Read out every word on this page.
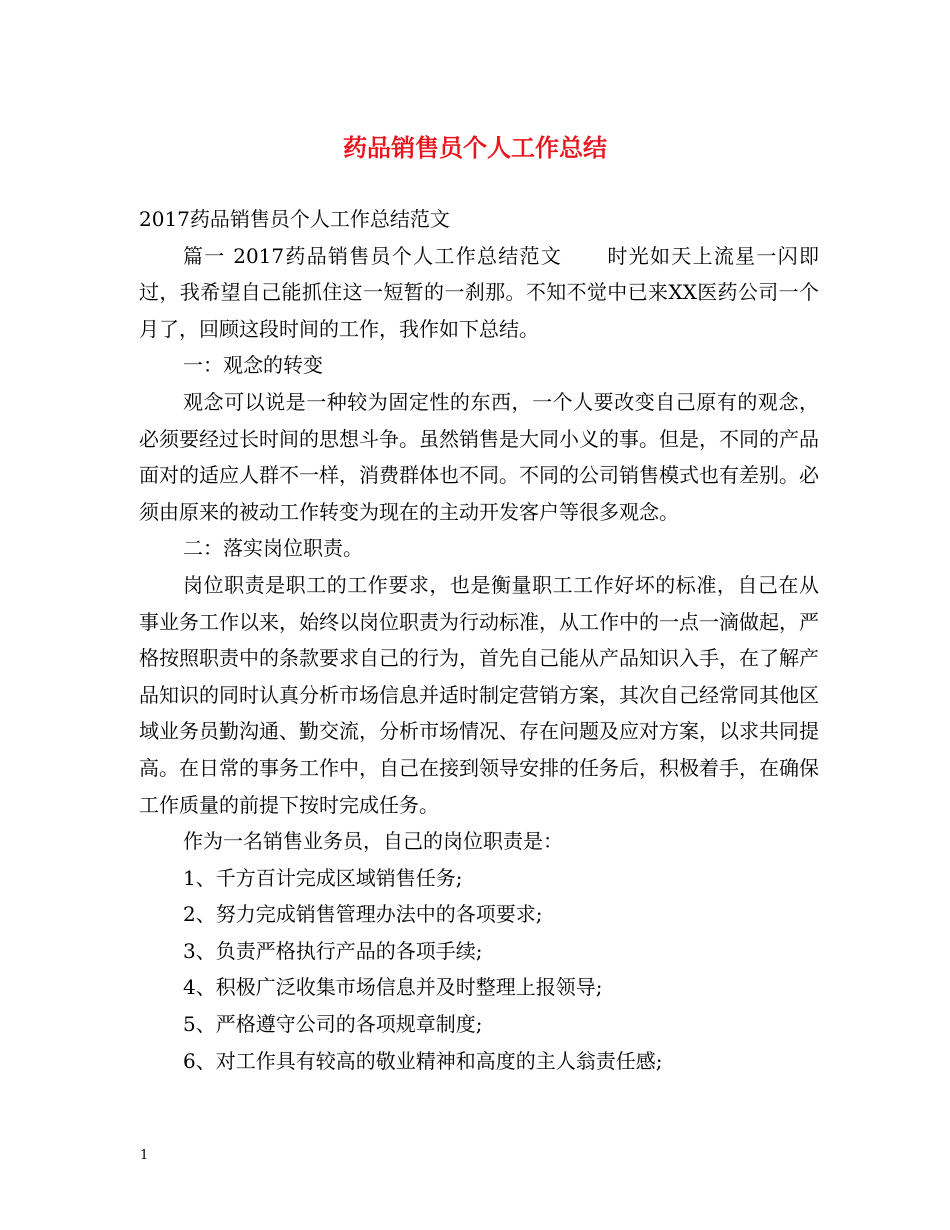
药品销售员个人工作总结

2017药品销售员个人工作总结范文

篇一 2017药品销售员个人工作总结范文 时光如天上流星一闪即过，我希望自己能抓住这一短暂的一刹那。不知不觉中已来XX医药公司一个月了，回顾这段时间的工作，我作如下总结。

一：观念的转变

观念可以说是一种较为固定性的东西，一个人要改变自己原有的观念，必须要经过长时间的思想斗争。虽然销售是大同小义的事。但是，不同的产品面对的适应人群不一样，消费群体也不同。不同的公司销售模式也有差别。必须由原来的被动工作转变为现在的主动开发客户等很多观念。

二：落实岗位职责。

岗位职责是职工的工作要求，也是衡量职工工作好坏的标准，自己在从事业务工作以来，始终以岗位职责为行动标准，从工作中的一点一滴做起，严格按照职责中的条款要求自己的行为，首先自己能从产品知识入手，在了解产品知识的同时认真分析市场信息并适时制定营销方案，其次自己经常同其他区域业务员勤沟通、勤交流，分析市场情况、存在问题及应对方案，以求共同提高。在日常的事务工作中，自己在接到领导安排的任务后，积极着手，在确保工作质量的前提下按时完成任务。

作为一名销售业务员，自己的岗位职责是：

1、千方百计完成区域销售任务;

2、努力完成销售管理办法中的各项要求;

3、负责严格执行产品的各项手续;

4、积极广泛收集市场信息并及时整理上报领导;

5、严格遵守公司的各项规章制度;

6、对工作具有较高的敬业精神和高度的主人翁责任感;

1
